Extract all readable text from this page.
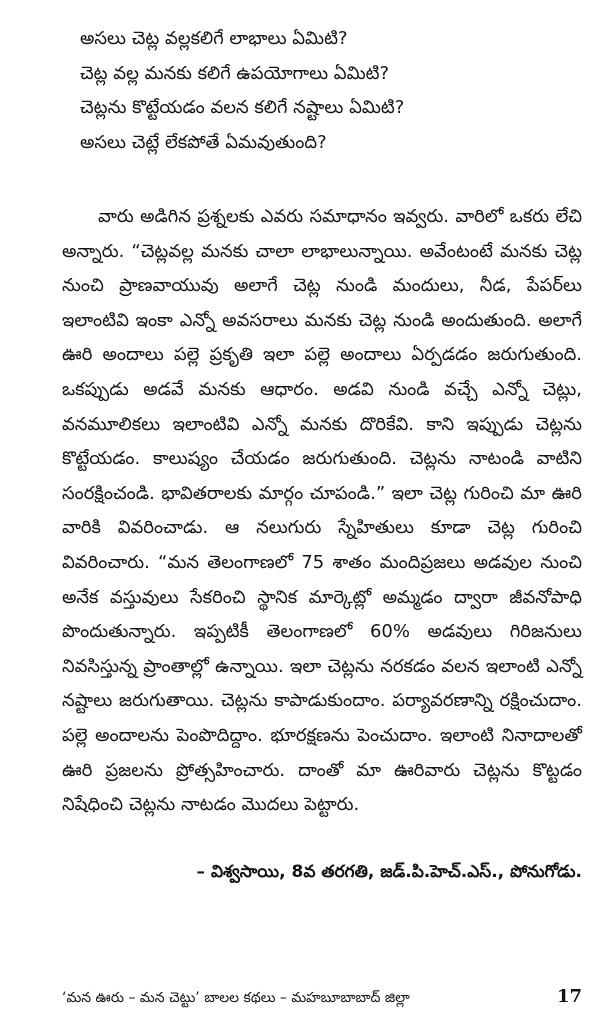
అసలు చెట్ల వల్లకలిగే లాభాలు ఏమిటి?

చెట్ల వల్ల మనకు కలిగే ఉపయోగాలు ఏమిటి?

చెట్లను కొట్టేయడం వలన కలిగే నష్టాలు ఏమిటి?

అసలు చెట్లే లేకపోతే ఏమవుతుంది?

వారు అడిగిన ప్రశ్నలకు ఎవరు సమాధానం ఇవ్వరు. వారిలో ఒకరు లేచి అన్నారు. “చెట్లవల్ల మనకు చాలా లాభాలున్నాయి. అవేంటంటే మనకు చెట్ల నుంచి ప్రాణవాయువు అలాగే చెట్ల నుండి మందులు, నీడ, పేపర్‌లు ఇలాంటివి ఇంకా ఎన్నో అవసరాలు మనకు చెట్ల నుండి అందుతుంది. అలాగే ఊరి అందాలు పల్లె ప్రకృతి ఇలా పల్లె అందాలు ఏర్పడడం జరుగుతుంది. ఒకప్పుడు అడవే మనకు ఆధారం. అడవి నుండి వచ్చే ఎన్నో చెట్లు, వనమూలికలు ఇలాంటివి ఎన్నో మనకు దొరికేవి. కాని ఇప్పుడు చెట్లను కొట్టేయడం. కాలుష్యం చేయడం జరుగుతుంది. చెట్లను నాటండి వాటిని సంరక్షించండి. భావితరాలకు మార్గం చూపండి.” ఇలా చెట్ల గురించి మా ఊరి వారికి వివరించాడు. ఆ నలుగురు స్నేహితులు కూడా చెట్ల గురించి వివరించారు. “మన తెలంగాణలో 75 శాతం మందిప్రజలు అడవుల నుంచి అనేక వస్తువులు సేకరించి స్థానిక మార్కెట్లో అమ్మడం ద్వారా జీవనోపాధి పొందుతున్నారు. ఇప్పటికీ తెలంగాణలో 60% అడవులు గిరిజనులు నివసిస్తున్న ప్రాంతాల్లో ఉన్నాయి. ఇలా చెట్లను నరకడం వలన ఇలాంటి ఎన్నో నష్టాలు జరుగుతాయి. చెట్లను కాపాడుకుందాం. పర్యావరణాన్ని రక్షించుదాం. పల్లె అందాలను పెంపొదిద్దాం. భూరక్షణను పెంచుదాం. ఇలాంటి నినాదాలతో ఊరి ప్రజలను ప్రోత్సహించారు. దాంతో మా ఊరివారు చెట్లను కొట్టడం నిషేధించి చెట్లను నాటడం మొదలు పెట్టారు.

– విశ్వసాయి, 8వ తరగతి, జడ్.పి.హెచ్.ఎస్., పోనుగోడు.

‘మన ఊరు – మన చెట్టు’ బాలల కథలు – మహబూబాబాద్ జిల్లా	17
